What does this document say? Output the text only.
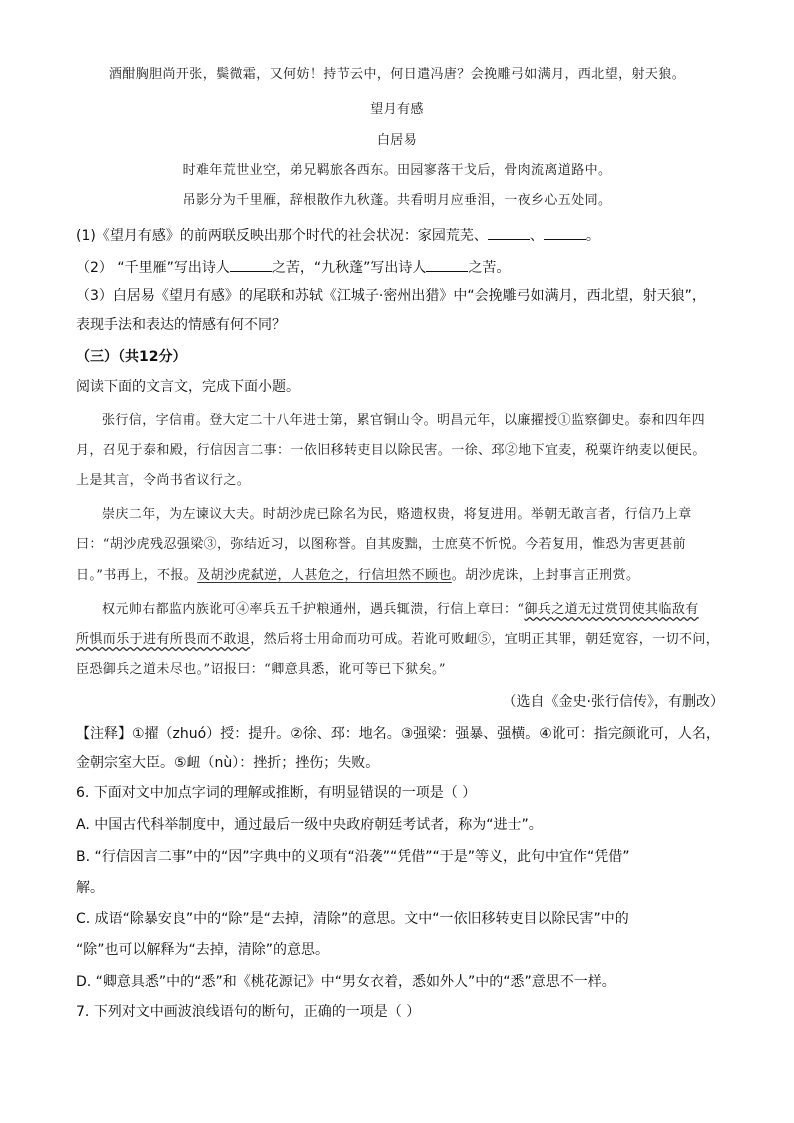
酒酣胸胆尚开张，鬓微霜，又何妨！持节云中，何日遣冯唐？会挽雕弓如满月，西北望，射天狼。
望月有感
白居易
时难年荒世业空，弟兄羁旅各西东。田园寥落干戈后，骨肉流离道路中。
吊影分为千里雁，辞根散作九秋蓬。共看明月应垂泪，一夜乡心五处同。
(1)《望月有感》的前两联反映出那个时代的社会状况：家园荒芜、	、	。
（2） “千里雁”写出诗人	之苦，“九秋蓬”写出诗人	之苦。
（3）白居易《望月有感》的尾联和苏轼《江城子·密州出猎》中“会挽雕弓如满月，西北望，射天狼”，
表现手法和表达的情感有何不同？
（三）（共12分）
阅读下面的文言文，完成下面小题。
张行信，字信甫。登大定二十八年进士第，累官铜山令。明昌元年，以廉擢授①监察御史。泰和四年四
月，召见于泰和殿，行信因言二事：一依旧移转吏目以除民害。一徐、邳②地下宜麦，税粟许纳麦以便民。
上是其言，令尚书省议行之。
崇庆二年，为左谏议大夫。时胡沙虎已除名为民，赂遗权贵，将复进用。举朝无敢言者，行信乃上章
曰：“胡沙虎残忍强梁③，弥结近习，以图称誉。自其废黜，士庶莫不忻悦。今若复用，惟恐为害更甚前
日。”书再上，不报。及胡沙虎弑逆，人甚危之，行信坦然不顾也。胡沙虎诛，上封事言正刑赏。
权元帅右都监内族讹可④率兵五千护粮通州，遇兵辄溃，行信上章曰：“御兵之道无过赏罚使其临敌有
所惧而乐于进有所畏而不敢退，然后将士用命而功可成。若讹可败衄⑤，宜明正其罪，朝廷宽容，一切不问，
臣恐御兵之道未尽也。”诏报曰：“卿意具悉，讹可等已下狱矣。”
（选自《金史·张行信传》，有删改）
【注释】①擢（zhuó）授：提升。②徐、邳：地名。③强梁：强暴、强横。④讹可：指完颜讹可，人名，
金朝宗室大臣。⑤衄（nù）：挫折；挫伤；失败。
6. 下面对文中加点字词的理解或推断，有明显错误的一项是（ ）
A. 中国古代科举制度中，通过最后一级中央政府朝廷考试者，称为“进士”。
B. “行信因言二事”中的“因”字典中的义项有“沿袭”“凭借”“于是”等义，此句中宜作“凭借”
解。
C. 成语“除暴安良”中的“除”是“去掉，清除”的意思。文中“一依旧移转吏目以除民害”中的
“除”也可以解释为“去掉，清除”的意思。
D. “卿意具悉”中的“悉”和《桃花源记》中“男女衣着，悉如外人”中的“悉”意思不一样。
7. 下列对文中画波浪线语句的断句，正确的一项是（ ）
